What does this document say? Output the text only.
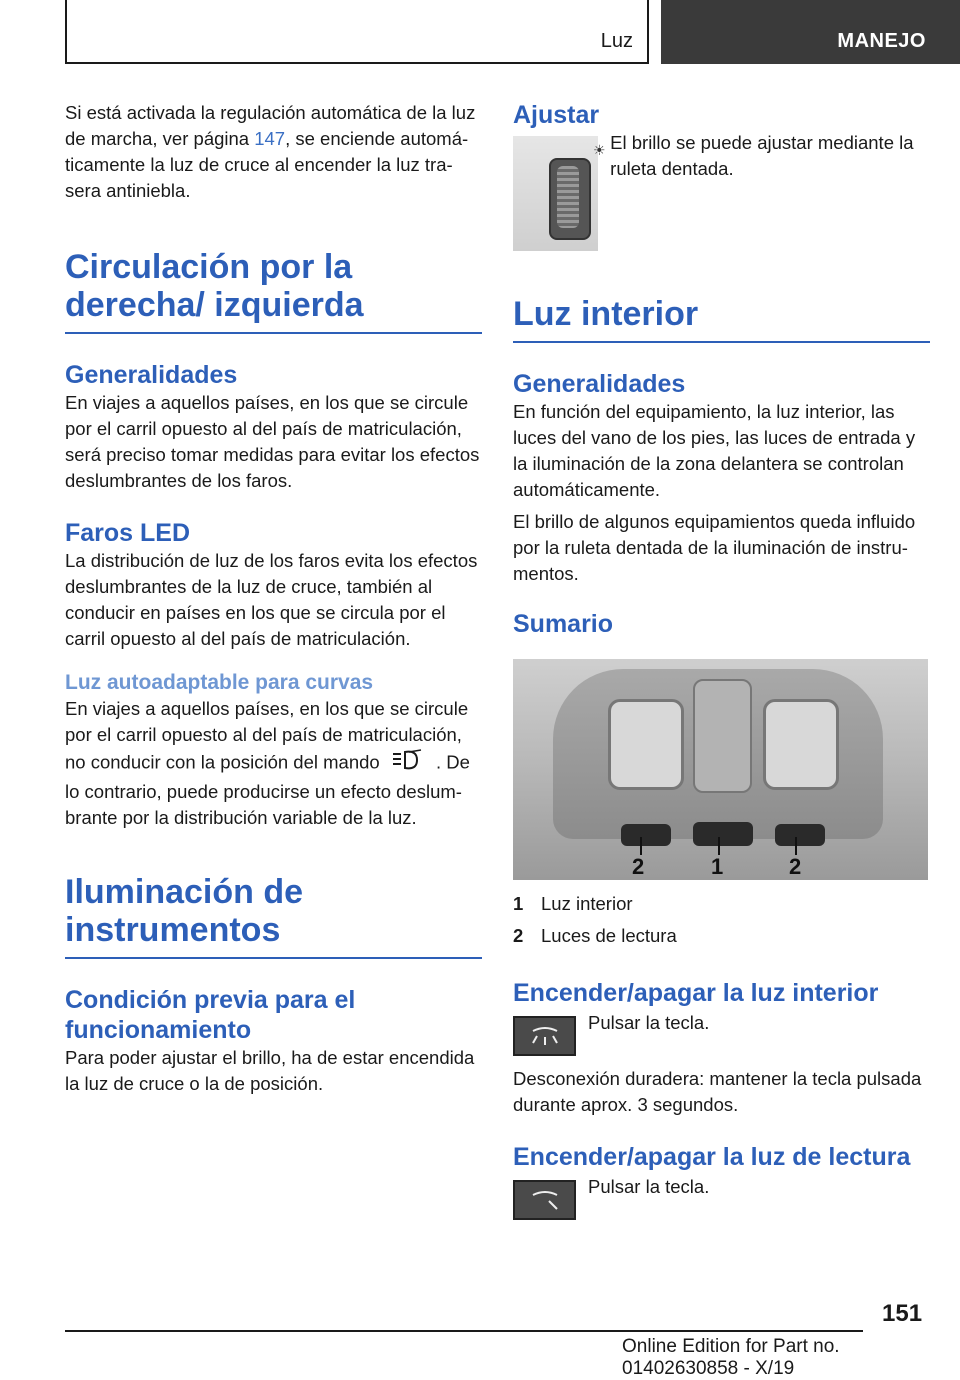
Luz	MANEJO

Si está activada la regulación automática de la luz de marcha, ver página 147, se enciende automáticamente la luz de cruce al encender la luz trasera antiniebla.

Circulación por la derecha/ izquierda
Generalidades

En viajes a aquellos países, en los que se circule por el carril opuesto al del país de matriculación, será preciso tomar medidas para evitar los efectos deslumbrantes de los faros.

Faros LED

La distribución de luz de los faros evita los efectos deslumbrantes de la luz de cruce, también al conducir en países en los que se circula por el carril opuesto al del país de matriculación.

Luz autoadaptable para curvas

En viajes a aquellos países, en los que se circule por el carril opuesto al del país de matriculación, no conducir con la posición del mando	. De lo contrario, puede producirse un efecto deslumbrante por la distribución variable de la luz.

Iluminación de instrumentos
Condición previa para el funcionamiento

Para poder ajustar el brillo, ha de estar encendida la luz de cruce o la de posición.

Ajustar
☀ El brillo se puede ajustar mediante la ruleta dentada.

Luz interior
Generalidades

En función del equipamiento, la luz interior, las luces del vano de los pies, las luces de entrada y la iluminación de la zona delantera se controlan automáticamente.

El brillo de algunos equipamientos queda influido por la ruleta dentada de la iluminación de instrumentos.

Sumario
2	1	2
1 Luz interior
2 Luces de lectura
Encender/apagar la luz interior

Pulsar la tecla.

Desconexión duradera: mantener la tecla pulsada durante aprox. 3 segundos.

Encender/apagar la luz de lectura

Pulsar la tecla.

151
Online Edition for Part no. 01402630858 - X/19
